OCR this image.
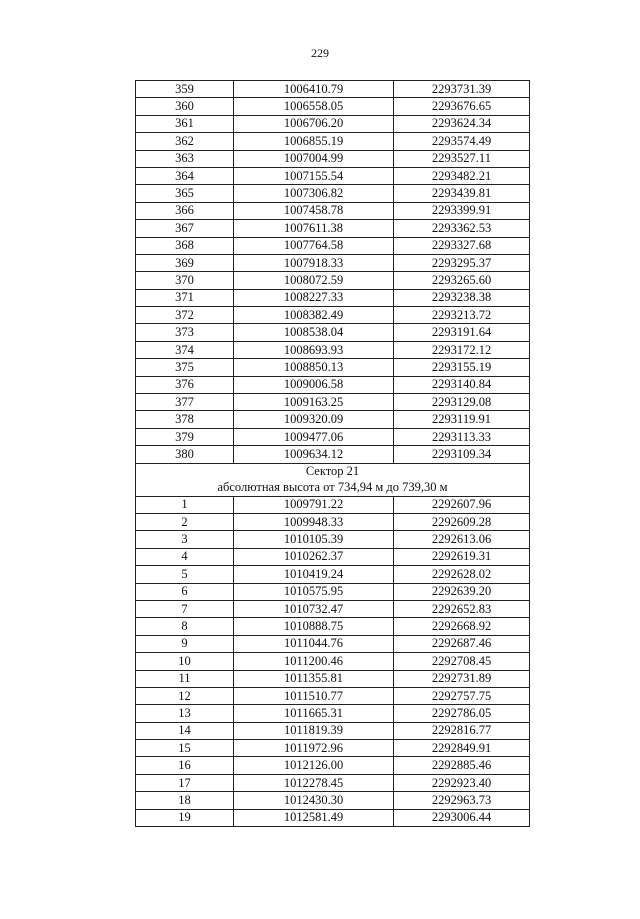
229
359	1006410.79	2293731.39
360	1006558.05	2293676.65
361	1006706.20	2293624.34
362	1006855.19	2293574.49
363	1007004.99	2293527.11
364	1007155.54	2293482.21
365	1007306.82	2293439.81
366	1007458.78	2293399.91
367	1007611.38	2293362.53
368	1007764.58	2293327.68
369	1007918.33	2293295.37
370	1008072.59	2293265.60
371	1008227.33	2293238.38
372	1008382.49	2293213.72
373	1008538.04	2293191.64
374	1008693.93	2293172.12
375	1008850.13	2293155.19
376	1009006.58	2293140.84
377	1009163.25	2293129.08
378	1009320.09	2293119.91
379	1009477.06	2293113.33
380	1009634.12	2293109.34
Сектор 21		
абсолютная высота от 734,94 м до 739,30 м		
1	1009791.22	2292607.96
2	1009948.33	2292609.28
3	1010105.39	2292613.06
4	1010262.37	2292619.31
5	1010419.24	2292628.02
6	1010575.95	2292639.20
7	1010732.47	2292652.83
8	1010888.75	2292668.92
9	1011044.76	2292687.46
10	1011200.46	2292708.45
11	1011355.81	2292731.89
12	1011510.77	2292757.75
13	1011665.31	2292786.05
14	1011819.39	2292816.77
15	1011972.96	2292849.91
16	1012126.00	2292885.46
17	1012278.45	2292923.40
18	1012430.30	2292963.73
19	1012581.49	2293006.44
